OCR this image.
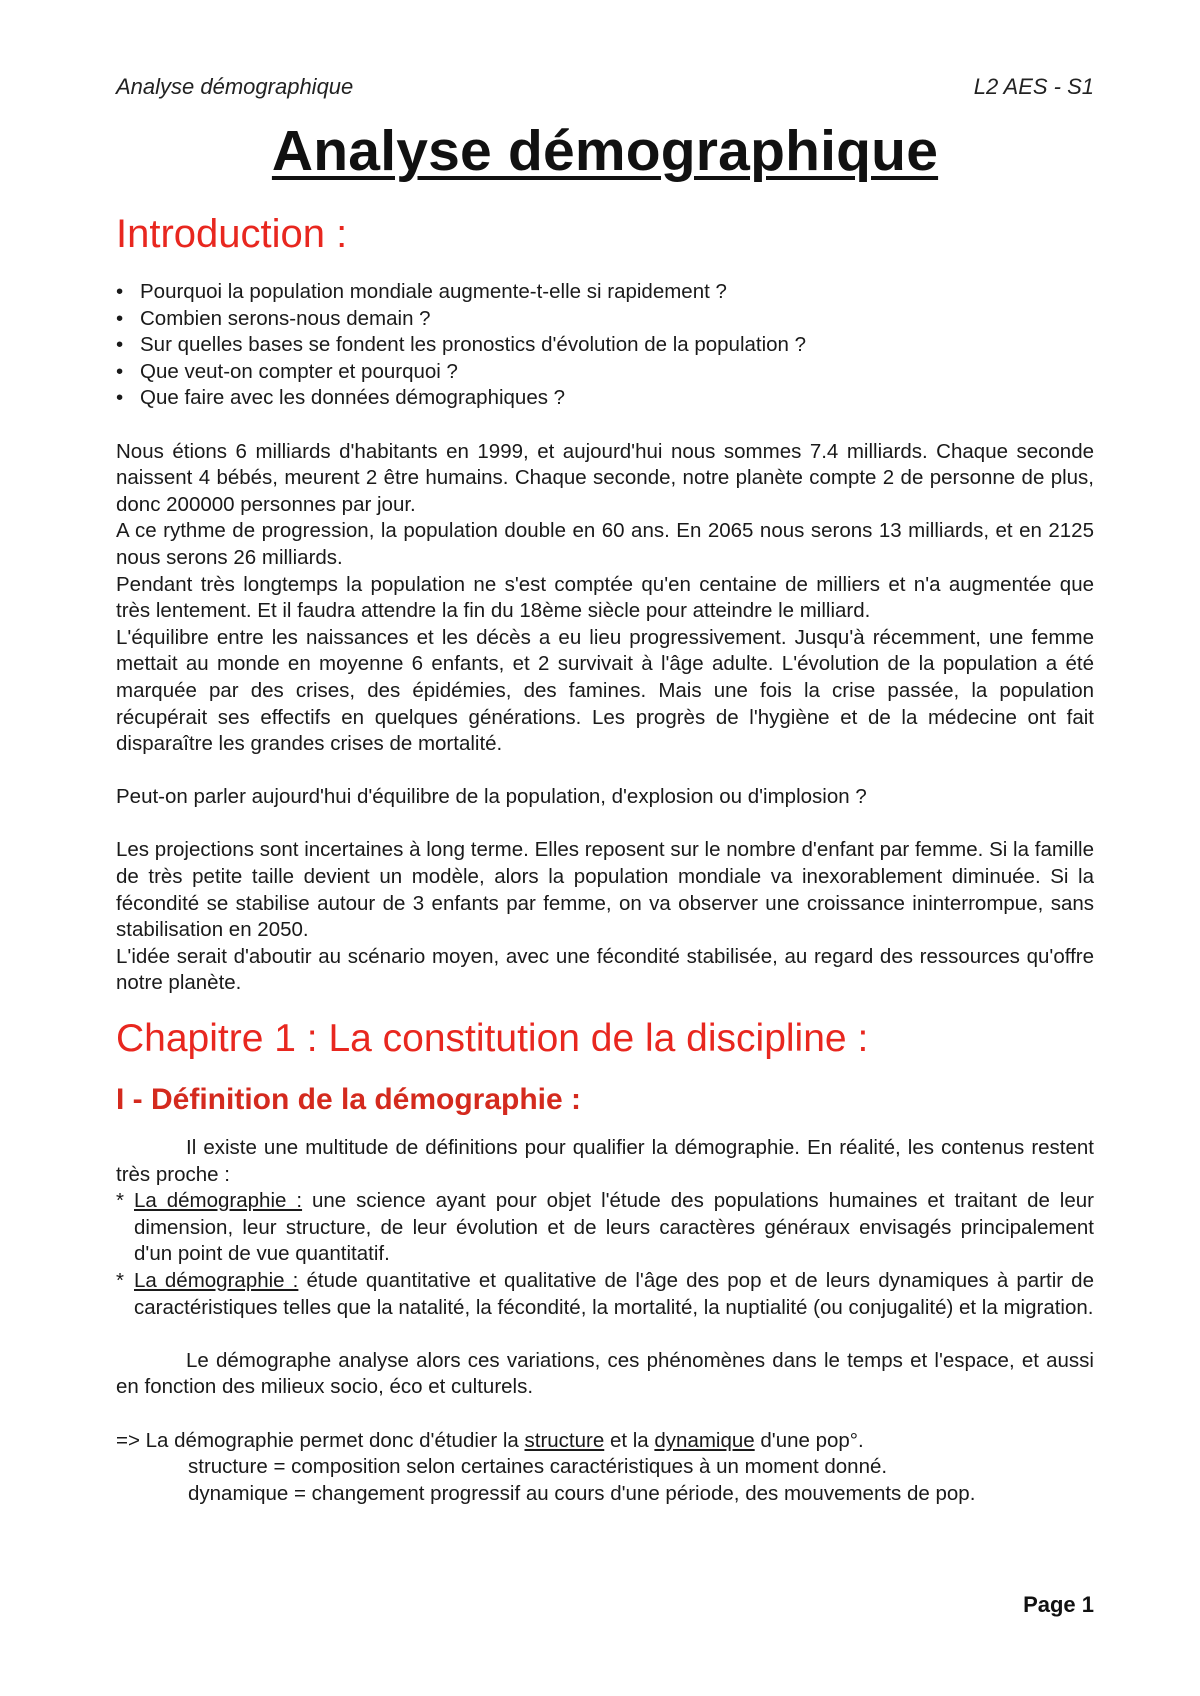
Analyse démographique	L2 AES - S1
Analyse démographique
Introduction :
• Pourquoi la population mondiale augmente-t-elle si rapidement ?
• Combien serons-nous demain ?
• Sur quelles bases se fondent les pronostics d'évolution de la population ?
• Que veut-on compter et pourquoi ?
• Que faire avec les données démographiques ?

Nous étions 6 milliards d'habitants en 1999, et aujourd'hui nous sommes 7.4 milliards. Chaque seconde naissent 4 bébés, meurent 2 être humains. Chaque seconde, notre planète compte 2 de personne de plus, donc 200000 personnes par jour.

A ce rythme de progression, la population double en 60 ans. En 2065 nous serons 13 milliards, et en 2125 nous serons 26 milliards.

Pendant très longtemps la population ne s'est comptée qu'en centaine de milliers et n'a augmentée que très lentement. Et il faudra attendre la fin du 18ème siècle pour atteindre le milliard.

L'équilibre entre les naissances et les décès a eu lieu progressivement. Jusqu'à récemment, une femme mettait au monde en moyenne 6 enfants, et 2 survivait à l'âge adulte. L'évolution de la population a été marquée par des crises, des épidémies, des famines. Mais une fois la crise passée, la population récupérait ses effectifs en quelques générations. Les progrès de l'hygiène et de la médecine ont fait disparaître les grandes crises de mortalité.

Peut-on parler aujourd'hui d'équilibre de la population, d'explosion ou d'implosion ?

Les projections sont incertaines à long terme. Elles reposent sur le nombre d'enfant par femme. Si la famille de très petite taille devient un modèle, alors la population mondiale va inexorablement diminuée. Si la fécondité se stabilise autour de 3 enfants par femme, on va observer une croissance ininterrompue, sans stabilisation en 2050.

L'idée serait d'aboutir au scénario moyen, avec une fécondité stabilisée, au regard des ressources qu'offre notre planète.

Chapitre 1 : La constitution de la discipline :
I - Définition de la démographie :

Il existe une multitude de définitions pour qualifier la démographie. En réalité, les contenus restent très proche :

* La démographie : une science ayant pour objet l'étude des populations humaines et traitant de leur dimension, leur structure, de leur évolution et de leurs caractères généraux envisagés principalement d'un point de vue quantitatif.

* La démographie : étude quantitative et qualitative de l'âge des pop et de leurs dynamiques à partir de caractéristiques telles que la natalité, la fécondité, la mortalité, la nuptialité (ou conjugalité) et la migration.

Le démographe analyse alors ces variations, ces phénomènes dans le temps et l'espace, et aussi en fonction des milieux socio, éco et culturels.

=> La démographie permet donc d'étudier la structure et la dynamique d'une pop°.

structure = composition selon certaines caractéristiques à un moment donné.

dynamique = changement progressif au cours d'une période, des mouvements de pop.

Page 1
